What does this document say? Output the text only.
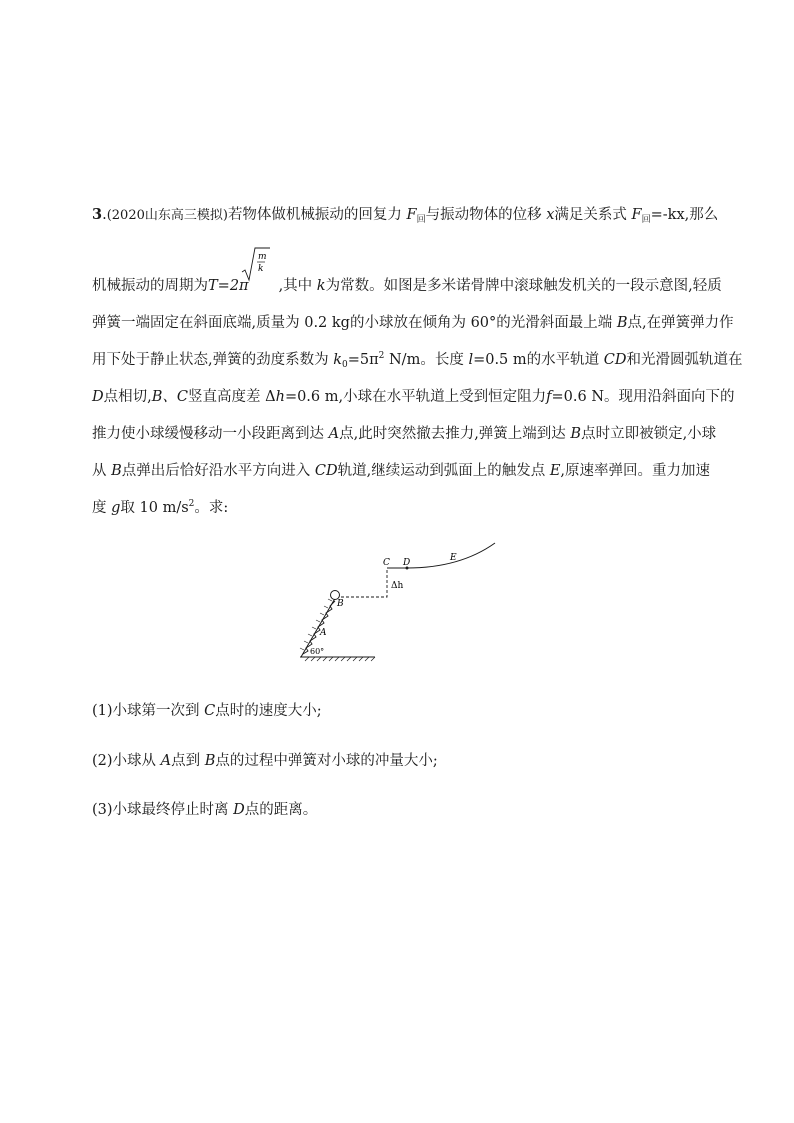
3.(2020山东高三模拟)若物体做机械振动的回复力 $F_回$与振动物体的位移 x满足关系式 $F_回=-kx$,那么
m
k
机械振动的周期为T=2π ,其中 k为常数。如图是多米诺骨牌中滚球触发机关的一段示意图,轻质
弹簧一端固定在斜面底端,质量为 0.2 kg的小球放在倾角为 60°的光滑斜面最上端 B点,在弹簧弹力作
用下处于静止状态,弹簧的劲度系数为 $k_0=5\pi^2$ N/m。长度 l=0.5 m的水平轨道 CD和光滑圆弧轨道在
D点相切,B、C竖直高度差 Δh=0.6 m,小球在水平轨道上受到恒定阻力f=0.6 N。现用沿斜面向下的
推力使小球缓慢移动一小段距离到达 A点,此时突然撤去推力,弹簧上端到达 B点时立即被锁定,小球
从 B点弹出后恰好沿水平方向进入 CD轨道,继续运动到弧面上的触发点 E,原速率弹回。重力加速
度 g取 10 $m/s^2$。求:
C D	E
B
A
Δh
60°
(1)小球第一次到 C点时的速度大小;
(2)小球从 A点到 B点的过程中弹簧对小球的冲量大小;
(3)小球最终停止时离 D点的距离。
